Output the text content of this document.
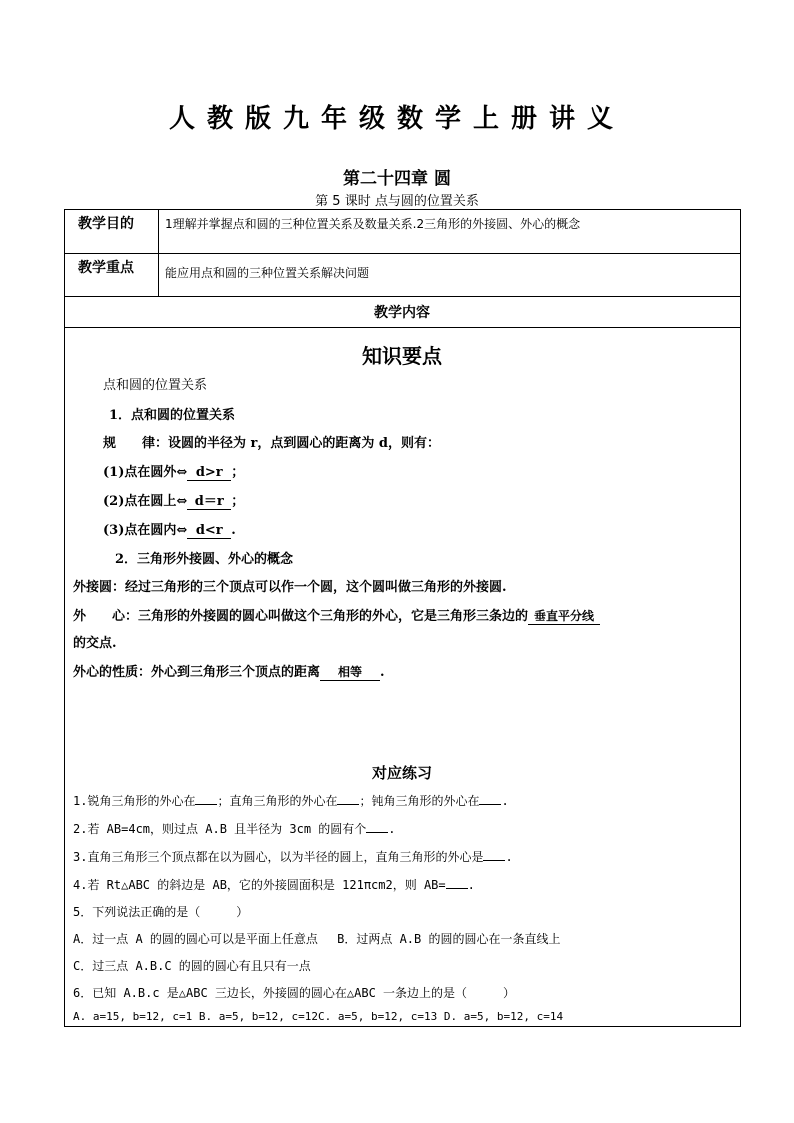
人教版九年级数学上册讲义
第二十四章 圆
第 5 课时 点与圆的位置关系
教学目的	1理解并掌握点和圆的三种位置关系及数量关系.2三角形的外接圆、外心的概念
教学重点	能应用点和圆的三种位置关系解决问题
教学内容
知识要点
点和圆的位置关系
1．点和圆的位置关系
规　　律：设圆的半径为 r，点到圆心的距离为 d，则有：
(1)点在圆外⇔ d>r ；
(2)点在圆上⇔ d＝r ；
(3)点在圆内⇔ d<r .
2．三角形外接圆、外心的概念
外接圆：经过三角形的三个顶点可以作一个圆，这个圆叫做三角形的外接圆.
外　　心：三角形的外接圆的圆心叫做这个三角形的外心，它是三角形三条边的 垂直平分线
的交点.
外心的性质：外心到三角形三个顶点的距离 相等 .
对应练习
1.锐角三角形的外心在 ；直角三角形的外心在 ；钝角三角形的外心在 .
2.若 AB=4cm，则过点 A.B 且半径为 3cm 的圆有个 .
3.直角三角形三个顶点都在以为圆心，以为半径的圆上，直角三角形的外心是 .
4.若 Rt△ABC 的斜边是 AB，它的外接圆面积是 121πcm2，则 AB= .
5．下列说法正确的是（　　　）
A．过一点 A 的圆的圆心可以是平面上任意点　 B．过两点 A.B 的圆的圆心在一条直线上
C．过三点 A.B.C 的圆的圆心有且只有一点
6．已知 A.B.c 是△ABC 三边长，外接圆的圆心在△ABC 一条边上的是（　　　）
A. a=15, b=12, c=1 B. a=5, b=12, c=12C. a=5, b=12, c=13 D. a=5, b=12, c=14
